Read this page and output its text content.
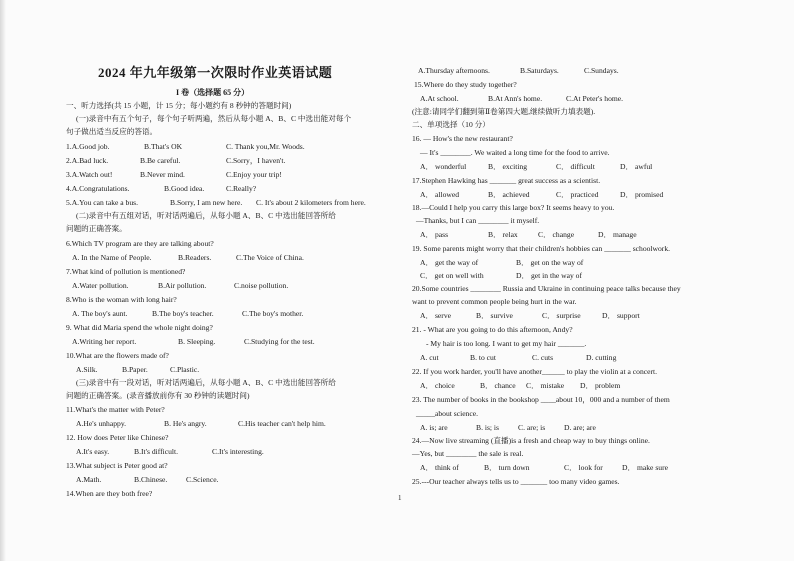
2024 年九年级第一次限时作业英语试题
I 卷（选择题 65 分）
一、听力选择(共 15 小题，计 15 分；每小题约有 8 秒钟的答题时间)
(一)录音中有五个句子，每个句子听两遍，然后从每小题 A、B、C 中选出能对每个
句子做出适当反应的答语。
1.A.Good job.	B.That's OK	C. Thank you,Mr. Woods.
2.A.Bad luck.	B.Be careful.	C.Sorry，I haven't.
3.A.Watch out!	B.Never mind.	C.Enjoy your trip!
4.A.Congratulations.	B.Good idea.	C.Really?
5.A.You can take a bus.	B.Sorry, I am new here. C. It's about 2 kilometers from here.
(二)录音中有五组对话，听对话两遍后，从每小题 A、B、C 中选出能回答所给
问题的正确答案。
6.Which TV program are they are talking about?
A. In the Name of People.	B.Readers.	C.The Voice of China.
7.What kind of pollution is mentioned?
A.Water pollution.	B.Air pollution.	C.noise pollution.
8.Who is the woman with long hair?
A. The boy's aunt.	B.The boy's teacher.	C.The boy's mother.
9. What did Maria spend the whole night doing?
A.Writing her report.	B. Sleeping.	C.Studying for the test.
10.What are the flowers made of?
A.Silk.	B.Paper.	C.Plastic.
(三)录音中有一段对话，听对话两遍后，从每小题 A、B、C 中选出能回答所给
问题的正确答案。(录音播放前你有 30 秒钟的读题时间)
11.What's the matter with Peter?
A.He's unhappy.	B. He's angry.	C.His teacher can't help him.
12. How does Peter like Chinese?
A.It's easy.	B.It's difficult.	C.It's interesting.
13.What subject is Peter good at?
A.Math.	B.Chinese. C.Science.
14.When are they both free?
A.Thursday afternoons.	B.Saturdays.	C.Sundays.
15.Where do they study together?
A.At school.	B.At Ann's home.	C.At Peter's home.
(注意:请同学们翻到第Ⅱ卷第四大题,继续做听力填表题).
二、单项选择（10 分）
16. — How's the new restaurant?
— It's ________. We waited a long time for the food to arrive.
A． wonderful	B． exciting	C． difficult	D． awful
17.Stephen Hawking has _______ great success as a scientist.
A． allowed	B． achieved	C． practiced	D． promised
18.—Could I help you carry this large box? It seems heavy to you.
—Thanks, but I can ________ it myself.
A． pass	B． relax	C． change	D． manage
19. Some parents might worry that their children's hobbies can _______ schoolwork.
A． get the way of	B． get on the way of
C． get on well with	D． get in the way of
20.Some countries ________ Russia and Ukraine in continuing peace talks because they
want to prevent common people being hurt in the war.
A． serve	B． survive	C． surprise	D． support
21. - What are you going to do this afternoon, Andy?
- My hair is too long. I want to get my hair _______.
A. cut	B. to cut	C. cuts	D. cutting
22. If you work harder, you'll have another______ to play the violin at a concert.
A． choice	B． chance C． mistake D． problem
23. The number of books in the bookshop ____about 10，000 and a number of them
_____about science.
A. is; are	B. is; is C. are; is D. are; are
24.—Now live streaming (直播)is a fresh and cheap way to buy things online.
—Yes, but ________ the sale is real.
A． think of	B． turn down	C． look for	D． make sure
25.---Our teacher always tells us to _______ too many video games.
1
